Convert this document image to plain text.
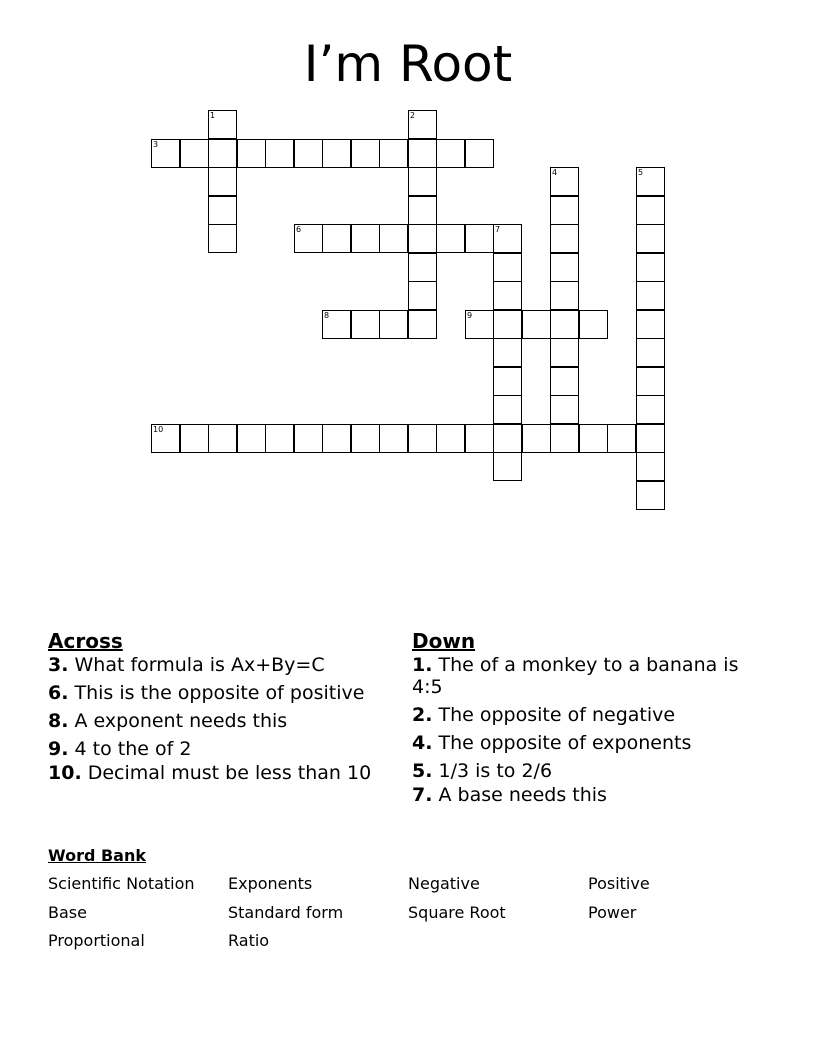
I’m Root
1	2
3
4	5
6	7
8	9
10
Across
3. What formula is Ax+By=C
6. This is the opposite of positive
8. A exponent needs this
9. 4 to the of 2
10. Decimal must be less than 10
Down
1. The of a monkey to a banana is 4:5
2. The opposite of negative
4. The opposite of exponents
5. 1/3 is to 2/6
7. A base needs this
Word Bank
Scientific Notation Exponents	Negative	Positive
Base	Standard form	Square Root	Power
Proportional	Ratio
